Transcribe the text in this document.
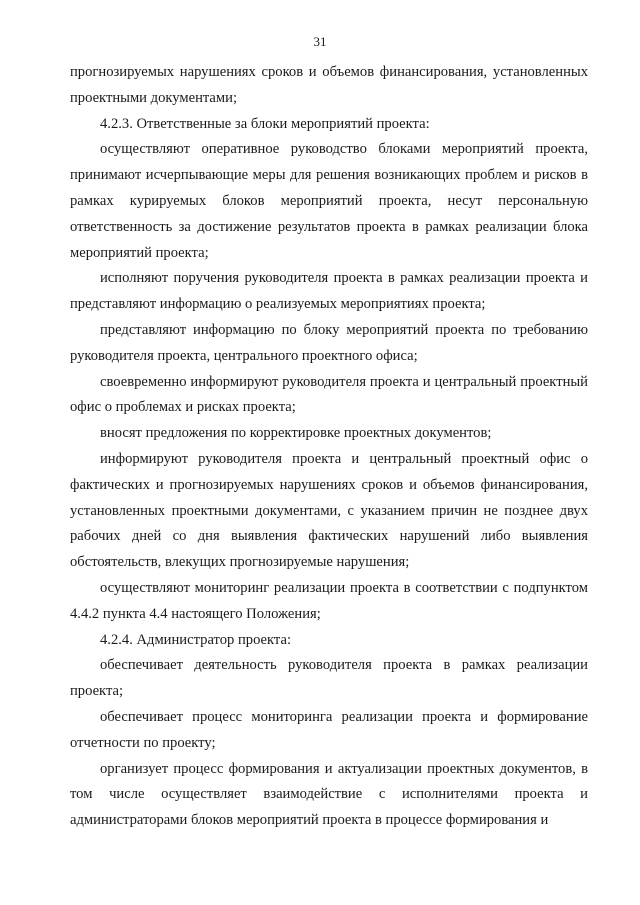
31

прогнозируемых нарушениях сроков и объемов финансирования, установленных проектными документами;

4.2.3. Ответственные за блоки мероприятий проекта:

осуществляют оперативное руководство блоками мероприятий проекта, принимают исчерпывающие меры для решения возникающих проблем и рисков в рамках курируемых блоков мероприятий проекта, несут персональную ответственность за достижение результатов проекта в рамках реализации блока мероприятий проекта;

исполняют поручения руководителя проекта в рамках реализации проекта и представляют информацию о реализуемых мероприятиях проекта;

представляют информацию по блоку мероприятий проекта по требованию руководителя проекта, центрального проектного офиса;

своевременно информируют руководителя проекта и центральный проектный офис о проблемах и рисках проекта;

вносят предложения по корректировке проектных документов;

информируют руководителя проекта и центральный проектный офис о фактических и прогнозируемых нарушениях сроков и объемов финансирования, установленных проектными документами, с указанием причин не позднее двух рабочих дней со дня выявления фактических нарушений либо выявления обстоятельств, влекущих прогнозируемые нарушения;

осуществляют мониторинг реализации проекта в соответствии с подпунктом 4.4.2 пункта 4.4 настоящего Положения;

4.2.4. Администратор проекта:

обеспечивает деятельность руководителя проекта в рамках реализации проекта;

обеспечивает процесс мониторинга реализации проекта и формирование отчетности по проекту;

организует процесс формирования и актуализации проектных документов, в том числе осуществляет взаимодействие с исполнителями проекта и администраторами блоков мероприятий проекта в процессе формирования и
